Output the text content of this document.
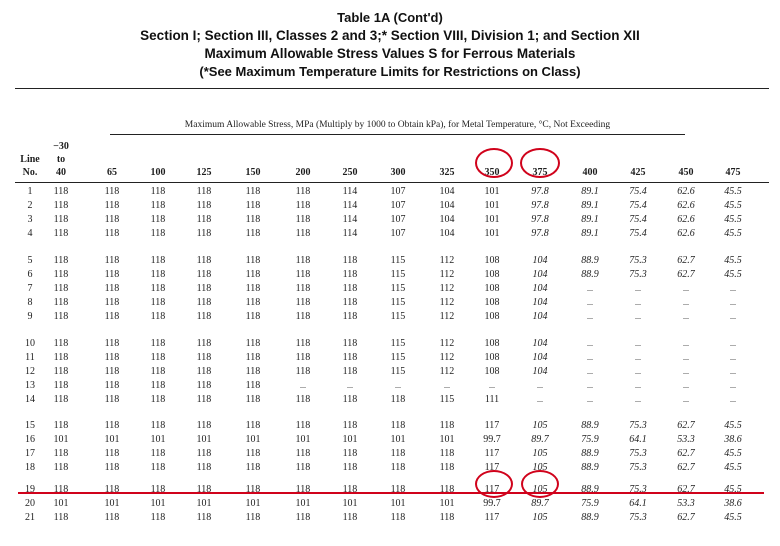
Table 1A (Cont'd)
Section I; Section III, Classes 2 and 3;* Section VIII, Division 1; and Section XII
Maximum Allowable Stress Values S for Ferrous Materials
(*See Maximum Temperature Limits for Restrictions on Class)
Maximum Allowable Stress, MPa (Multiply by 1000 to Obtain kPa), for Metal Temperature, °C, Not Exceeding
Line
No.
−30
to
40	65	100	125	150	200	250	300	325	350	375	400	425	450	475
1 118	118	118	118	118	118	114	107	104	101	97.8	89.1	75.4	62.6	45.5
2 118	118	118	118	118	118	114	107	104	101	97.8	89.1	75.4	62.6	45.5
3 118	118	118	118	118	118	114	107	104	101	97.8	89.1	75.4	62.6	45.5
4 118	118	118	118	118	118	114	107	104	101	97.8	89.1	75.4	62.6	45.5
5 118	118	118	118	118	118	118	115	112	108	104	88.9	75.3	62.7	45.5
6 118	118	118	118	118	118	118	115	112	108	104	88.9	75.3	62.7	45.5
7 118	118	118	118	118	118	118	115	112	108	104	...	...	...	...
8 118	118	118	118	118	118	118	115	112	108	104	...	...	...	...
9 118	118	118	118	118	118	118	115	112	108	104	...	...	...	...
10 118	118	118	118	118	118	118	115	112	108	104	...	...	...	...
11 118	118	118	118	118	118	118	115	112	108	104	...	...	...	...
12 118	118	118	118	118	118	118	115	112	108	104	...	...	...	...
13 118	118	118	118	118	...	...	...	...	...	...	...	...	...	...
14 118	118	118	118	118	118	118	118	115	111	...	...	...	...	...
15 118	118	118	118	118	118	118	118	118	117	105	88.9	75.3	62.7	45.5
16 101	101	101	101	101	101	101	101	101	99.7	89.7	75.9	64.1	53.3	38.6
17 118	118	118	118	118	118	118	118	118	117	105	88.9	75.3	62.7	45.5
18 118	118	118	118	118	118	118	118	118	117	105	88.9	75.3	62.7	45.5
19 118	118	118	118	118	118	118	118	118	117	105	88.9	75.3	62.7	45.5
20 101	101	101	101	101	101	101	101	101	99.7	89.7	75.9	64.1	53.3	38.6
21 118	118	118	118	118	118	118	118	118	117	105	88.9	75.3	62.7	45.5
